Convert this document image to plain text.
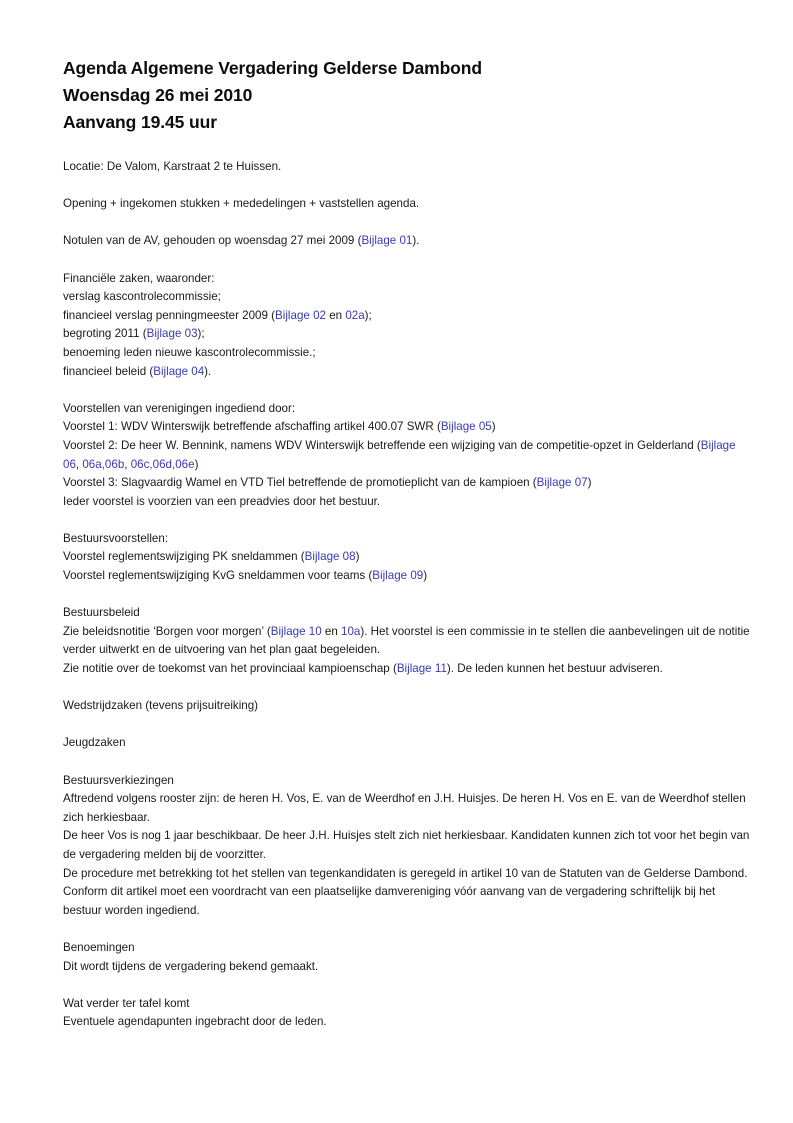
Agenda Algemene Vergadering Gelderse Dambond
Woensdag 26 mei 2010
Aanvang 19.45 uur

Locatie: De Valom, Karstraat 2 te Huissen.

Opening + ingekomen stukken + mededelingen + vaststellen agenda.

Notulen van de AV, gehouden op woensdag 27 mei 2009 (Bijlage 01).

Financiële zaken, waaronder:
verslag kascontrolecommissie;
financieel verslag penningmeester 2009 (Bijlage 02 en 02a);
begroting 2011 (Bijlage 03);
benoeming leden nieuwe kascontrolecommissie.;
financieel beleid (Bijlage 04).

Voorstellen van verenigingen ingediend door:
Voorstel 1: WDV Winterswijk betreffende afschaffing artikel 400.07 SWR (Bijlage 05)
Voorstel 2: De heer W. Bennink, namens WDV Winterswijk betreffende een wijziging van de competitie-opzet in Gelderland (Bijlage 06, 06a,06b, 06c,06d,06e)
Voorstel 3: Slagvaardig Wamel en VTD Tiel betreffende de promotieplicht van de kampioen (Bijlage 07)
Ieder voorstel is voorzien van een preadvies door het bestuur.

Bestuursvoorstellen:
Voorstel reglementswijziging PK sneldammen (Bijlage 08)
Voorstel reglementswijziging KvG sneldammen voor teams (Bijlage 09)

Bestuursbeleid
Zie beleidsnotitie ‘Borgen voor morgen’ (Bijlage 10 en 10a). Het voorstel is een commissie in te stellen die aanbevelingen uit de notitie verder uitwerkt en de uitvoering van het plan gaat begeleiden.
Zie notitie over de toekomst van het provinciaal kampioenschap (Bijlage 11). De leden kunnen het bestuur adviseren.

Wedstrijdzaken (tevens prijsuitreiking)

Jeugdzaken

Bestuursverkiezingen
Aftredend volgens rooster zijn: de heren H. Vos, E. van de Weerdhof en J.H. Huisjes. De heren H. Vos en E. van de Weerdhof stellen zich herkiesbaar.
De heer Vos is nog 1 jaar beschikbaar. De heer J.H. Huisjes stelt zich niet herkiesbaar. Kandidaten kunnen zich tot voor het begin van de vergadering melden bij de voorzitter.
De procedure met betrekking tot het stellen van tegenkandidaten is geregeld in artikel 10 van de Statuten van de Gelderse Dambond.
Conform dit artikel moet een voordracht van een plaatselijke damvereniging vóór aanvang van de vergadering schriftelijk bij het bestuur worden ingediend.

Benoemingen
Dit wordt tijdens de vergadering bekend gemaakt.

Wat verder ter tafel komt
Eventuele agendapunten ingebracht door de leden.
